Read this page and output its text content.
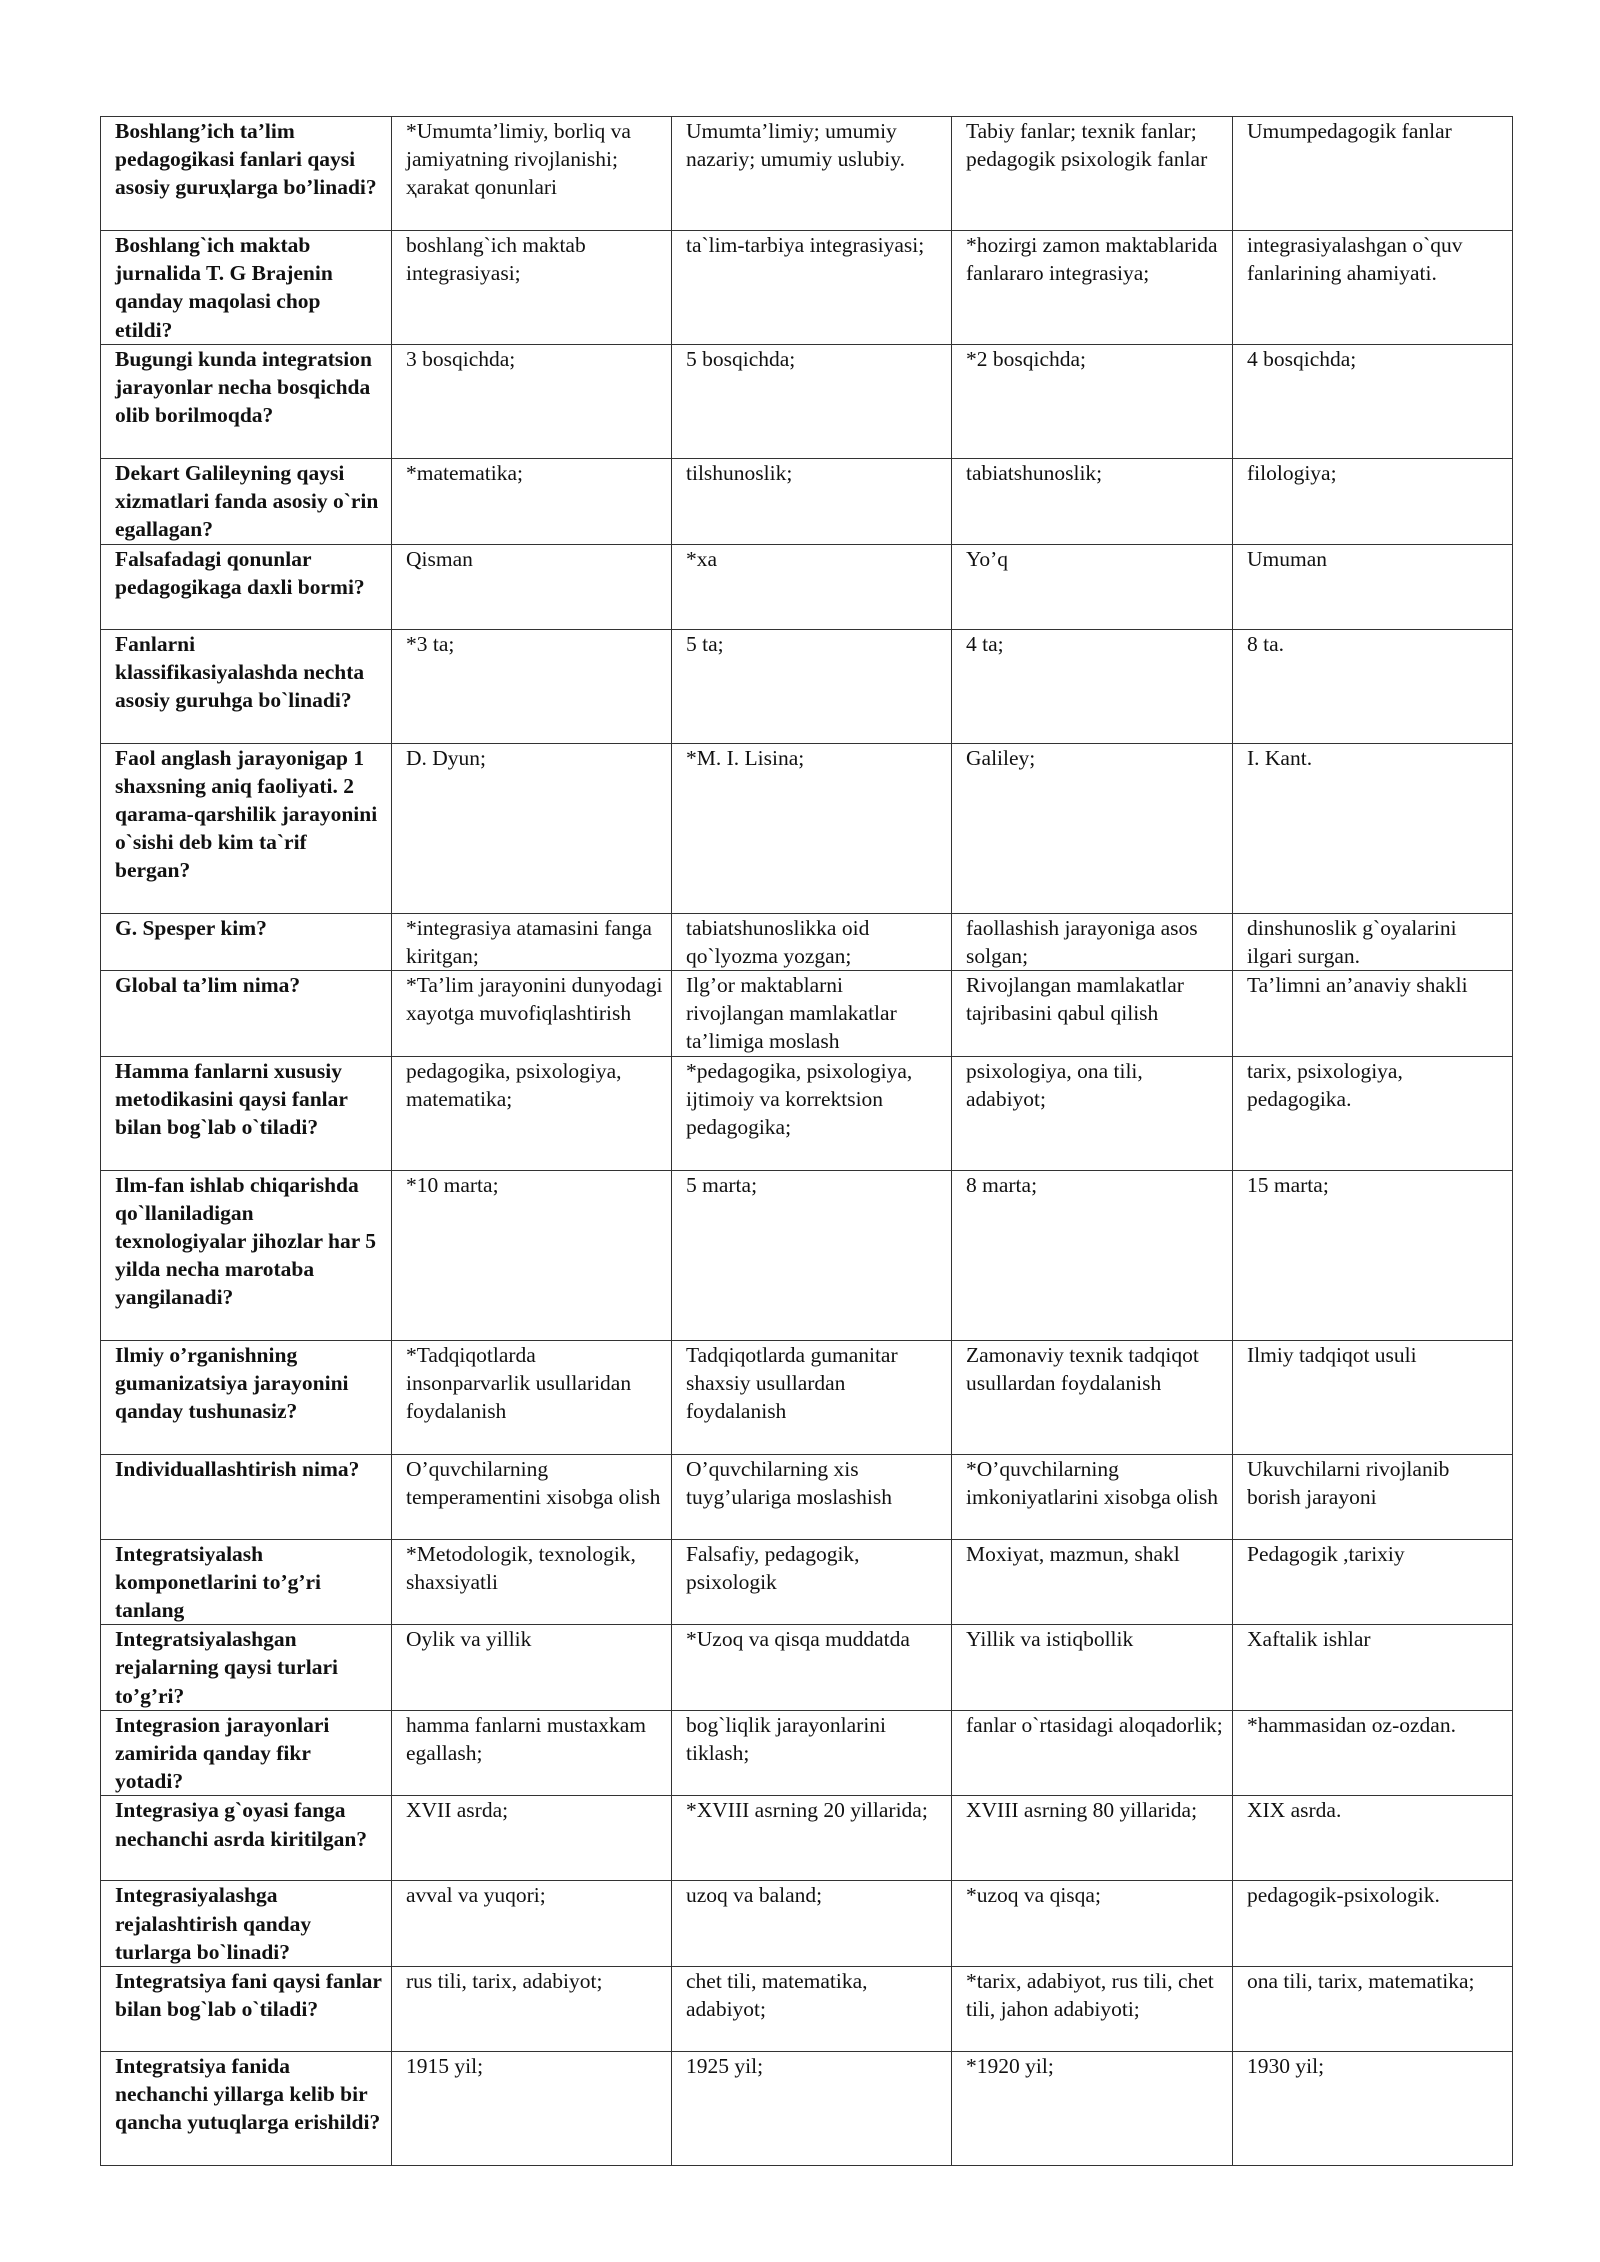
Boshlang’ich ta’lim pedagogikasi fanlari qaysi asosiy guruҳlarga bo’linadi?	*Umumta’limiy, borliq va jamiyatning rivojlanishi; ҳarakat qonunlari	Umumta’limiy; umumiy nazariy; umumiy uslubiy.	Tabiy fanlar; texnik fanlar; pedagogik psixologik fanlar	Umumpedagogik fanlar
Boshlang`ich maktab jurnalida T. G Brajenin qanday maqolasi chop etildi?	boshlang`ich maktab integrasiyasi;	ta`lim-tarbiya integrasiyasi;	*hozirgi zamon maktablarida fanlararo integrasiya;	integrasiyalashgan o`quv fanlarining ahamiyati.
Bugungi kunda integratsion jarayonlar necha bosqichda olib borilmoqda?	3 bosqichda;	5 bosqichda;	*2 bosqichda;	4 bosqichda;
Dekart Galileyning qaysi xizmatlari fanda asosiy o`rin egallagan?	*matematika;	tilshunoslik;	tabiatshunoslik;	filologiya;
Falsafadagi qonunlar pedagogikaga daxli bormi?	Qisman	*xa	Yo’q	Umuman
Fanlarni klassifikasiyalashda nechta asosiy guruhga bo`linadi?	*3 ta;	5 ta;	4 ta;	8 ta.
Faol anglash jarayonigap 1 shaxsning aniq faoliyati. 2 qarama-qarshilik jarayonini o`sishi deb kim ta`rif bergan?	D. Dyun;	*M. I. Lisina;	Galiley;	I. Kant.
G. Spesper kim?	*integrasiya atamasini fanga kiritgan;	tabiatshunoslikka oid qo`lyozma yozgan;	faollashish jarayoniga asos solgan;	dinshunoslik g`oyalarini ilgari surgan.
Global ta’lim nima?	*Ta’lim jarayonini dunyodagi xayotga muvofiqlashtirish	Ilg’or maktablarni rivojlangan mamlakatlar ta’limiga moslash	Rivojlangan mamlakatlar tajribasini qabul qilish	Ta’limni an’anaviy shakli
Hamma fanlarni xususiy metodikasini qaysi fanlar bilan bog`lab o`tiladi?	pedagogika, psixologiya, matematika;	*pedagogika, psixologiya, ijtimoiy va korrektsion pedagogika;	psixologiya, ona tili, adabiyot;	tarix, psixologiya, pedagogika.
Ilm-fan ishlab chiqarishda qo`llaniladigan texnologiyalar jihozlar har 5 yilda necha marotaba yangilanadi?	*10 marta;	5 marta;	8 marta;	15 marta;
Ilmiy o’rganishning gumanizatsiya jarayonini qanday tushunasiz?	*Tadqiqotlarda insonparvarlik usullaridan foydalanish	Tadqiqotlarda gumanitar shaxsiy usullardan foydalanish	Zamonaviy texnik tadqiqot usullardan foydalanish	Ilmiy tadqiqot usuli
Individuallashtirish nima?	O’quvchilarning temperamentini xisobga olish	O’quvchilarning xis tuyg’ulariga moslashish	*O’quvchilarning imkoniyatlarini xisobga olish	Ukuvchilarni rivojlanib borish jarayoni
Integratsiyalash komponetlarini to’g’ri tanlang	*Metodologik, texnologik, shaxsiyatli	Falsafiy, pedagogik, psixologik	Moxiyat, mazmun, shakl	Pedagogik ,tarixiy
Integratsiyalashgan rejalarning qaysi turlari to’g’ri?	Oylik va yillik	*Uzoq va qisqa muddatda	Yillik va istiqbollik	Xaftalik ishlar
Integrasion jarayonlari zamirida qanday fikr yotadi?	hamma fanlarni mustaxkam egallash;	bog`liqlik jarayonlarini tiklash;	fanlar o`rtasidagi aloqadorlik;	*hammasidan oz-ozdan.
Integrasiya g`oyasi fanga nechanchi asrda kiritilgan?	XVII asrda;	*XVIII asrning 20 yillarida;	XVIII asrning 80 yillarida;	XIX asrda.
Integrasiyalashga rejalashtirish qanday turlarga bo`linadi?	avval va yuqori;	uzoq va baland;	*uzoq va qisqa;	pedagogik-psixologik.
Integratsiya fani qaysi fanlar bilan bog`lab o`tiladi?	rus tili, tarix, adabiyot;	chet tili, matematika, adabiyot;	*tarix, adabiyot, rus tili, chet tili, jahon adabiyoti;	ona tili, tarix, matematika;
Integratsiya fanida nechanchi yillarga kelib bir qancha yutuqlarga erishildi?	1915 yil;	1925 yil;	*1920 yil;	1930 yil;
